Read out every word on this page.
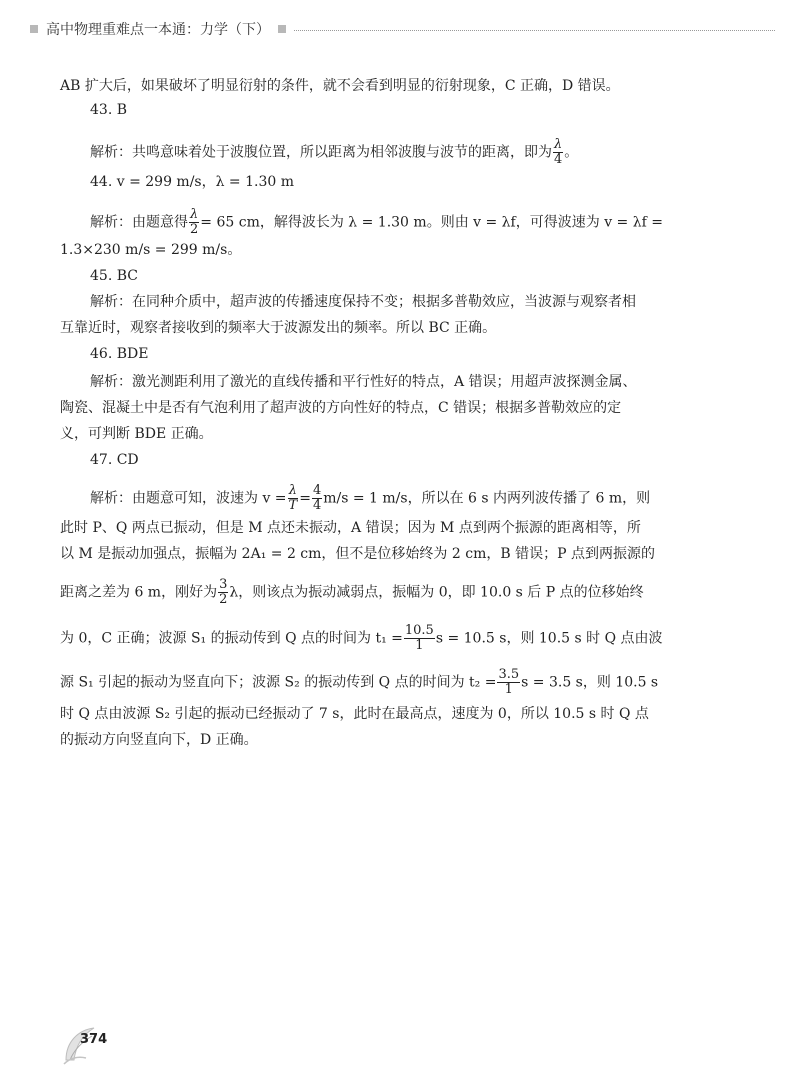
高中物理重难点一本通：力学（下）
AB 扩大后，如果破坏了明显衍射的条件，就不会看到明显的衍射现象，C 正确，D 错误。
43. B
解析：共鸣意味着处于波腹位置，所以距离为相邻波腹与波节的距离，即为 $\frac{\lambda}{4}$ 。
44. v = 299 m/s，λ = 1.30 m
解析：由题意得 $\frac{\lambda}{2} = 65$ cm，解得波长为 λ = 1.30 m。则由 v = λf，可得波速为 v = λf =
1.3×230 m/s = 299 m/s。
45. BC
解析：在同种介质中，超声波的传播速度保持不变；根据多普勒效应，当波源与观察者相
互靠近时，观察者接收到的频率大于波源发出的频率。所以 BC 正确。
46. BDE
解析：激光测距利用了激光的直线传播和平行性好的特点，A 错误；用超声波探测金属、
陶瓷、混凝土中是否有气泡利用了超声波的方向性好的特点，C 错误；根据多普勒效应的定
义，可判断 BDE 正确。
47. CD
解析：由题意可知，波速为 $v = \frac{\lambda}{T} = \frac{4}{4} m/s = 1$ m/s，所以在 6 s 内两列波传播了 6 m，则
此时 P、Q 两点已振动，但是 M 点还未振动，A 错误；因为 M 点到两个振源的距离相等，所
以 M 是振动加强点，振幅为 2A₁ = 2 cm，但不是位移始终为 2 cm，B 错误；P 点到两振源的
距离之差为 6 m，刚好为 $\frac{3}{2}$ λ，则该点为振动减弱点，振幅为 0，即 10.0 s 后 P 点的位移始终
为 0，C 正确；波源 S₁ 的振动传到 Q 点的时间为 $t_1 = \frac{10.5}{1}$ s = 10.5 s，则 10.5 s 时 Q 点由波
源 S₁ 引起的振动为竖直向下；波源 S₂ 的振动传到 Q 点的时间为 $t_2 = \frac{3.5}{1}$ s = 3.5 s，则 10.5 s
时 Q 点由波源 S₂ 引起的振动已经振动了 7 s，此时在最高点，速度为 0，所以 10.5 s 时 Q 点
的振动方向竖直向下，D 正确。
374
